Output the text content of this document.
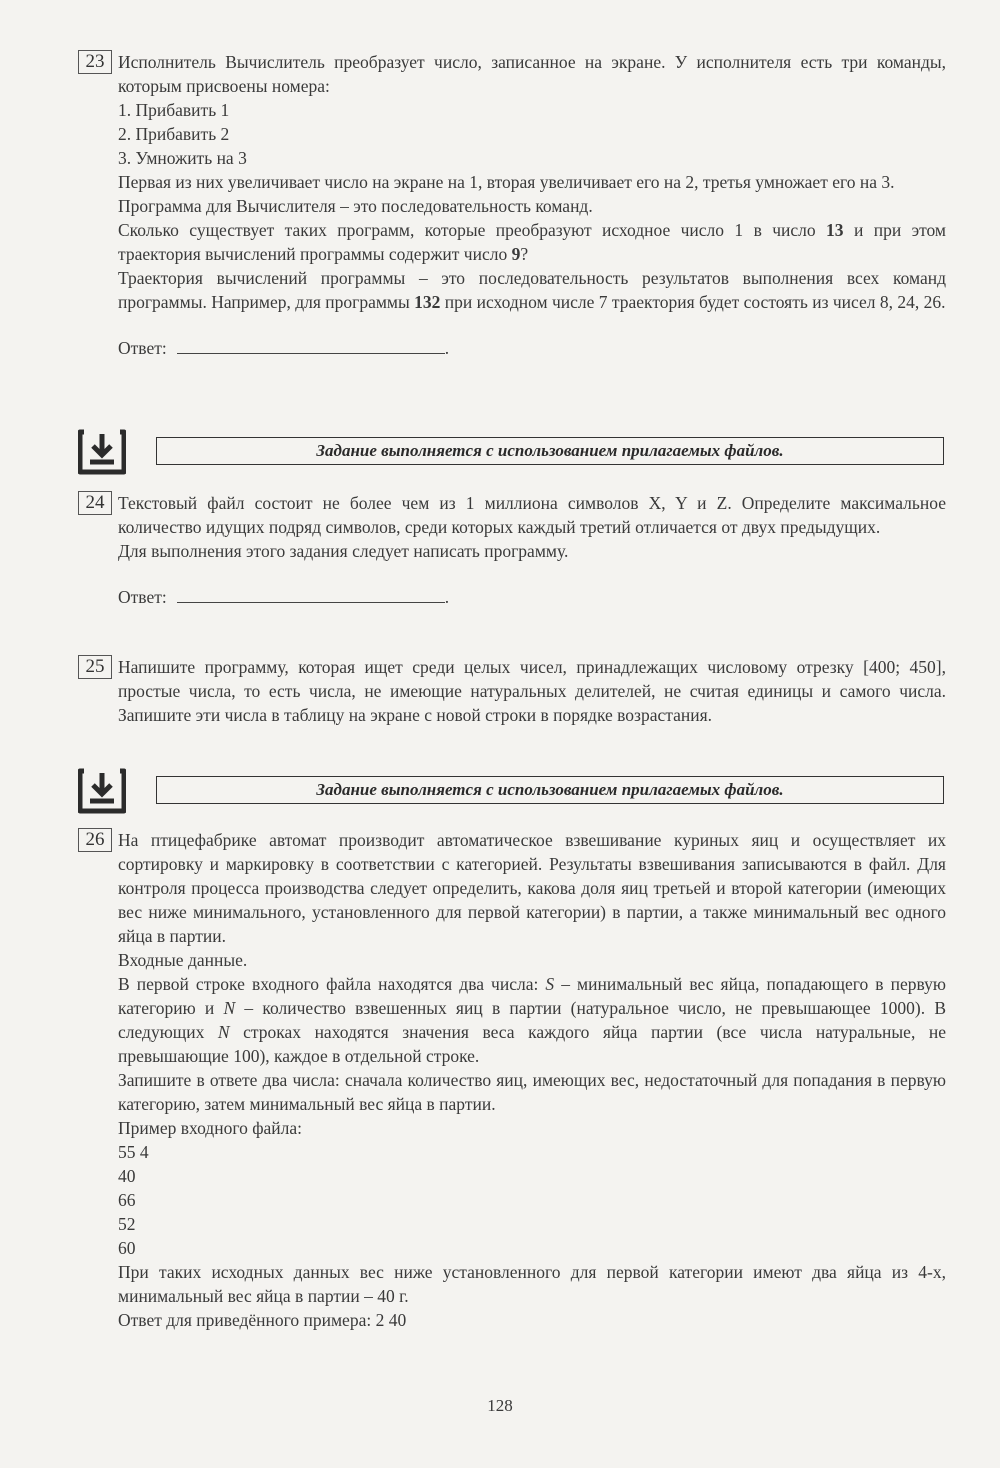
23 Исполнитель Вычислитель преобразует число, записанное на экране. У исполнителя есть три команды, которым присвоены номера:

1. Прибавить 1

2. Прибавить 2

3. Умножить на 3

Первая из них увеличивает число на экране на 1, вторая увеличивает его на 2, третья умножает его на 3.

Программа для Вычислителя – это последовательность команд.

Сколько существует таких программ, которые преобразуют исходное число 1 в число 13 и при этом траектория вычислений программы содержит число 9?

Траектория вычислений программы – это последовательность результатов выполнения всех команд программы. Например, для программы 132 при исходном числе 7 траектория будет состоять из чисел 8, 24, 26.

Ответ:	.
Задание выполняется с использованием прилагаемых файлов.
24 Текстовый файл состоит не более чем из 1 миллиона символов X, Y и Z. Определите максимальное количество идущих подряд символов, среди которых каждый третий отличается от двух предыдущих.

Для выполнения этого задания следует написать программу.

Ответ:	.
25 Напишите программу, которая ищет среди целых чисел, принадлежащих числовому отрезку [400; 450], простые числа, то есть числа, не имеющие натуральных делителей, не считая единицы и самого числа. Запишите эти числа в таблицу на экране с новой строки в порядке возрастания.

Задание выполняется с использованием прилагаемых файлов.
26 На птицефабрике автомат производит автоматическое взвешивание куриных яиц и осуществляет их сортировку и маркировку в соответствии с категорией. Результаты взвешивания записываются в файл. Для контроля процесса производства следует определить, какова доля яиц третьей и второй категории (имеющих вес ниже минимального, установленного для первой категории) в партии, а также минимальный вес одного яйца в партии.

Входные данные.

В первой строке входного файла находятся два числа: S – минимальный вес яйца, попадающего в первую категорию и N – количество взвешенных яиц в партии (натуральное число, не превышающее 1000). В следующих N строках находятся значения веса каждого яйца партии (все числа натуральные, не превышающие 100), каждое в отдельной строке.

Запишите в ответе два числа: сначала количество яиц, имеющих вес, недостаточный для попадания в первую категорию, затем минимальный вес яйца в партии.

Пример входного файла:

55 4

40

66

52

60

При таких исходных данных вес ниже установленного для первой категории имеют два яйца из 4-х, минимальный вес яйца в партии – 40 г.

Ответ для приведённого примера: 2 40

128
